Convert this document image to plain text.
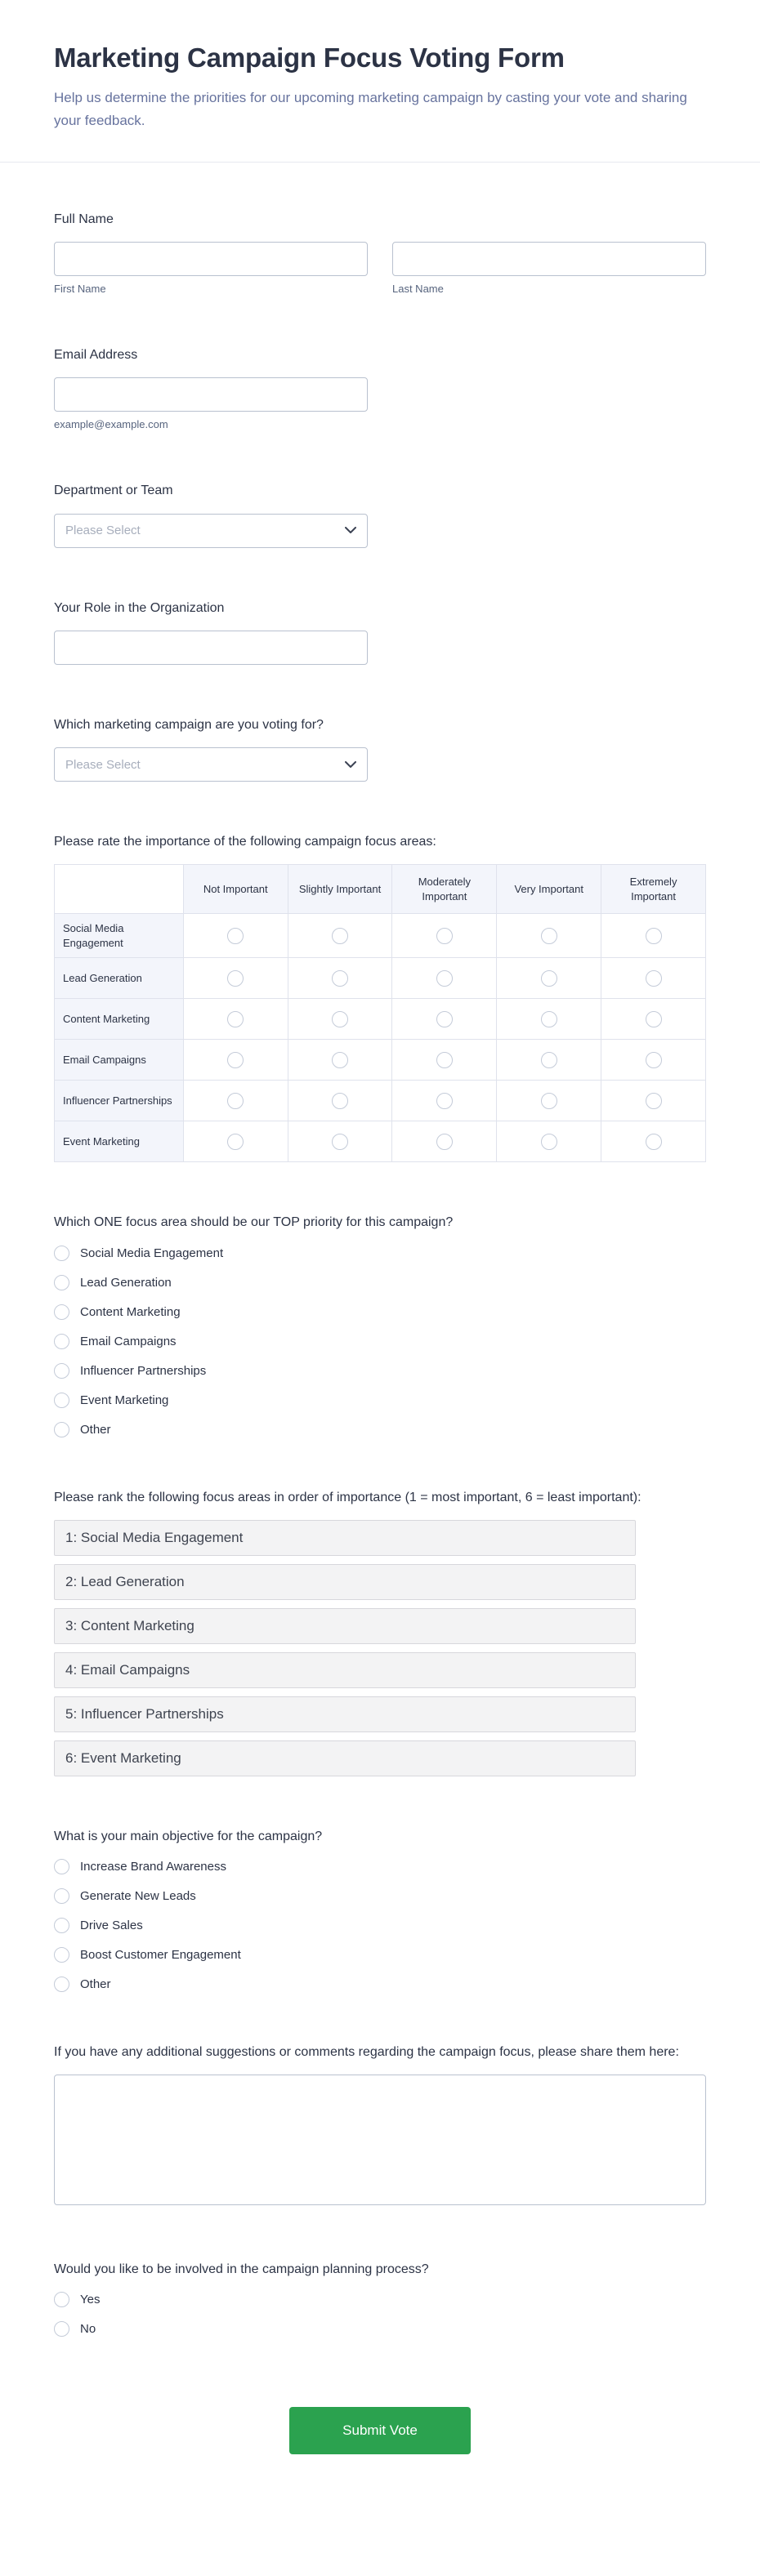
Marketing Campaign Focus Voting Form

Help us determine the priorities for our upcoming marketing campaign by casting your vote and sharing your feedback.

Full Name
First Name	Last Name
Email Address
example@example.com
Department or Team
Please Select
Your Role in the Organization
Which marketing campaign are you voting for?
Please Select
Please rate the importance of the following campaign focus areas:
	Not Important	Slightly Important	Moderately Important	Very Important	Extremely Important
Social Media Engagement					
Lead Generation					
Content Marketing					
Email Campaigns					
Influencer Partnerships					
Event Marketing					
Which ONE focus area should be our TOP priority for this campaign?
Social Media Engagement
Lead Generation
Content Marketing
Email Campaigns
Influencer Partnerships
Event Marketing
Other
Please rank the following focus areas in order of importance (1 = most important, 6 = least important):
1: Social Media Engagement
2: Lead Generation
3: Content Marketing
4: Email Campaigns
5: Influencer Partnerships
6: Event Marketing
What is your main objective for the campaign?
Increase Brand Awareness
Generate New Leads
Drive Sales
Boost Customer Engagement
Other
If you have any additional suggestions or comments regarding the campaign focus, please share them here:
Would you like to be involved in the campaign planning process?
Yes
No
Submit Vote
